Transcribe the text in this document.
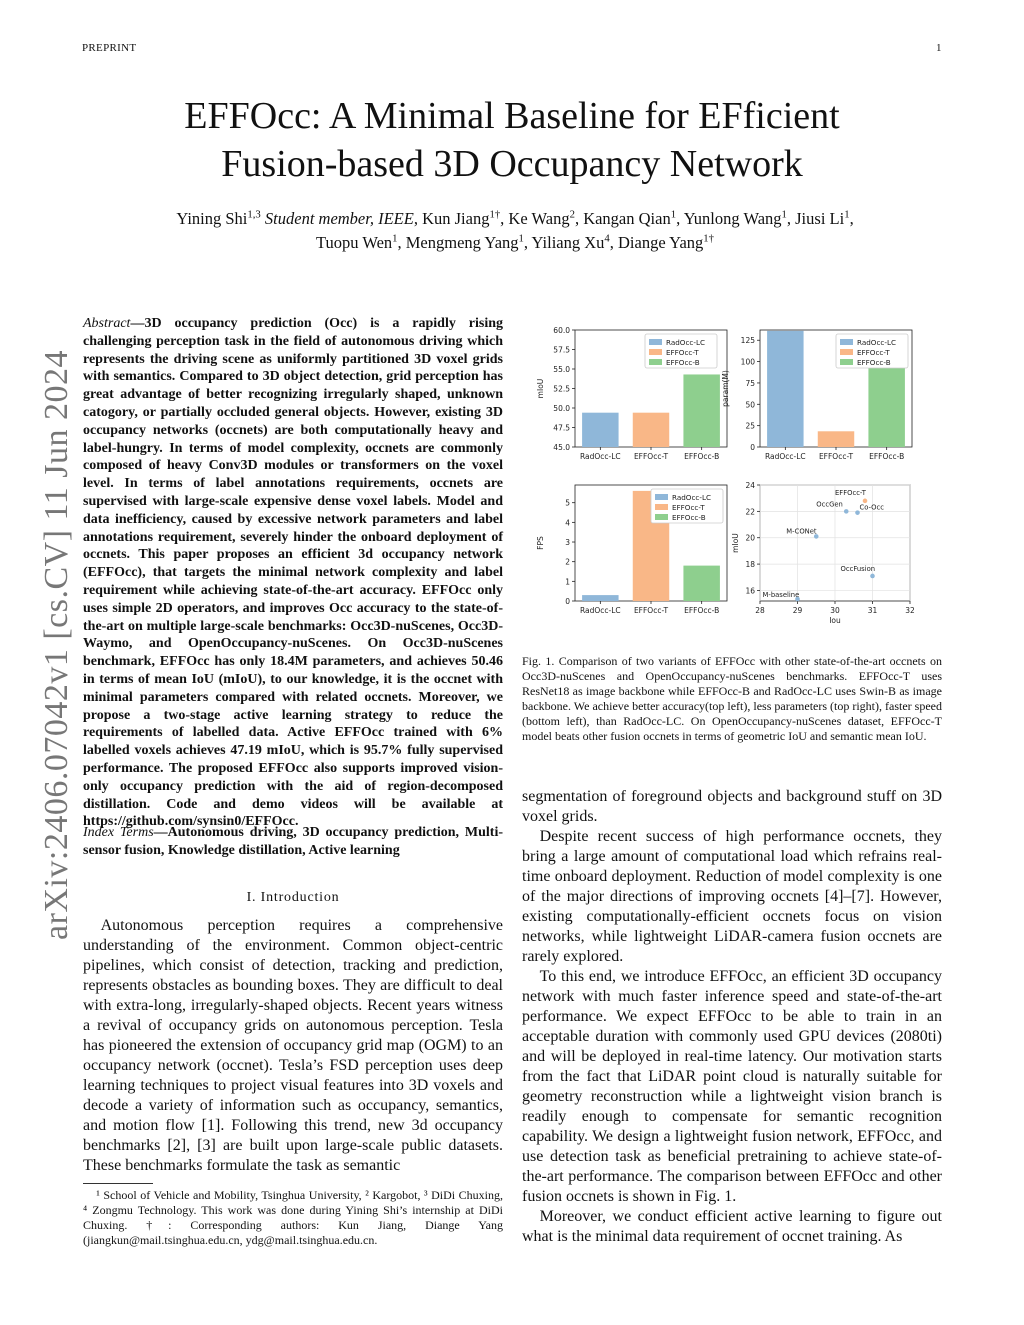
PREPRINT	1
arXiv:2406.07042v1 [cs.CV] 11 Jun 2024
EFFOcc: A Minimal Baseline for EFficient
Fusion-based 3D Occupancy Network
Yining Shi$^{1,3}$ Student member, IEEE, Kun Jiang$^{1\dagger}$, Ke Wang$^2$, Kangan Qian$^1$, Yunlong Wang$^1$, Jiusi Li$^1$,
Tuopu Wen$^1$, Mengmeng Yang$^1$, Yiliang Xu$^4$, Diange Yang$^{1\dagger}$
Abstract—3D occupancy prediction (Occ) is a rapidly rising challenging perception task in the field of autonomous driving which represents the driving scene as uniformly partitioned 3D voxel grids with semantics. Compared to 3D object detection, grid perception has great advantage of better recognizing irregularly shaped, unknown catogory, or partially occluded general objects. However, existing 3D occupancy networks (occnets) are both computationally heavy and label-hungry. In terms of model complexity, occnets are commonly composed of heavy Conv3D modules or transformers on the voxel level. In terms of label annotations requirements, occnets are supervised with large-scale expensive dense voxel labels. Model and data inefficiency, caused by excessive network parameters and label annotations requirement, severely hinder the onboard deployment of occnets. This paper proposes an efficient 3d occupancy network (EFFOcc), that targets the minimal network complexity and label requirement while achieving state-of-the-art accuracy. EFFOcc only uses simple 2D operators, and improves Occ accuracy to the state-of-the-art on multiple large-scale benchmarks: Occ3D-nuScenes, Occ3D-Waymo, and OpenOccupancy-nuScenes. On Occ3D-nuScenes benchmark, EFFOcc has only 18.4M parameters, and achieves 50.46 in terms of mean IoU (mIoU), to our knowledge, it is the occnet with minimal parameters compared with related occnets. Moreover, we propose a two-stage active learning strategy to reduce the requirements of labelled data. Active EFFOcc trained with 6% labelled voxels achieves 47.19 mIoU, which is 95.7% fully supervised performance. The proposed EFFOcc also supports improved vision-only occupancy prediction with the aid of region-decomposed distillation. Code and demo videos will be available at https://github.com/synsin0/EFFOcc.
Index Terms—Autonomous driving, 3D occupancy prediction, Multi-sensor fusion, Knowledge distillation, Active learning
I. Introduction
Autonomous perception requires a comprehensive understanding of the environment. Common object-centric pipelines, which consist of detection, tracking and prediction, represents obstacles as bounding boxes. They are difficult to deal with extra-long, irregularly-shaped objects. Recent years witness a revival of occupancy grids on autonomous perception. Tesla has pioneered the extension of occupancy grid map (OGM) to an occupancy network (occnet). Tesla’s FSD perception uses deep learning techniques to project visual features into 3D voxels and decode a variety of information such as occupancy, semantics, and motion flow [1]. Following this trend, new 3d occupancy benchmarks [2], [3] are built upon large-scale public datasets. These benchmarks formulate the task as semantic
¹ School of Vehicle and Mobility, Tsinghua University, ² Kargobot, ³ DiDi Chuxing, ⁴ Zongmu Technology. This work was done during Yining Shi’s internship at DiDi Chuxing. †: Corresponding authors: Kun Jiang, Diange Yang (jiangkun@mail.tsinghua.edu.cn, ydg@mail.tsinghua.edu.cn.
45.0
47.5
50.0
52.5
55.0
57.5
60.0
mIoU
RadOcc-LC EFFOcc-T EFFOcc-B
RadOcc-LC
EFFOcc-T
EFFOcc-B
0
25
50
75
100
125
param(M)
RadOcc-LC EFFOcc-T EFFOcc-B
RadOcc-LC
EFFOcc-T
EFFOcc-B
0
1
2
3
4
5
FPS
RadOcc-LC EFFOcc-T EFFOcc-B
RadOcc-LC
EFFOcc-T
EFFOcc-B
28	29	30	31	32
16
18
20
22
24
Iou
mIoU
M-baseline
M-CONet
OccGen Co-Occ
EFFOcc-T
OccFusion
Fig. 1. Comparison of two variants of EFFOcc with other state-of-the-art occnets on Occ3D-nuScenes and OpenOccupancy-nuScenes benchmarks. EFFOcc-T uses ResNet18 as image backbone while EFFOcc-B and RadOcc-LC uses Swin-B as image backbone. We achieve better accuracy(top left), less parameters (top right), faster speed (bottom left), than RadOcc-LC. On OpenOccupancy-nuScenes dataset, EFFOcc-T model beats other fusion occnets in terms of geometric IoU and semantic mean IoU.

segmentation of foreground objects and background stuff on 3D voxel grids.

Despite recent success of high performance occnets, they bring a large amount of computational load which refrains real-time onboard deployment. Reduction of model complexity is one of the major directions of improving occnets [4]–[7]. However, existing computationally-efficient occnets focus on vision networks, while lightweight LiDAR-camera fusion occnets are rarely explored.

To this end, we introduce EFFOcc, an efficient 3D occupancy network with much faster inference speed and state-of-the-art performance. We expect EFFOcc to be able to train in an acceptable duration with commonly used GPU devices (2080ti) and will be deployed in real-time latency. Our motivation starts from the fact that LiDAR point cloud is naturally suitable for geometry reconstruction while a lightweight vision branch is readily enough to compensate for semantic recognition capability. We design a lightweight fusion network, EFFOcc, and use detection task as beneficial pretraining to achieve state-of-the-art performance. The comparison between EFFOcc and other fusion occnets is shown in Fig. 1.

Moreover, we conduct efficient active learning to figure out what is the minimal data requirement of occnet training. As
